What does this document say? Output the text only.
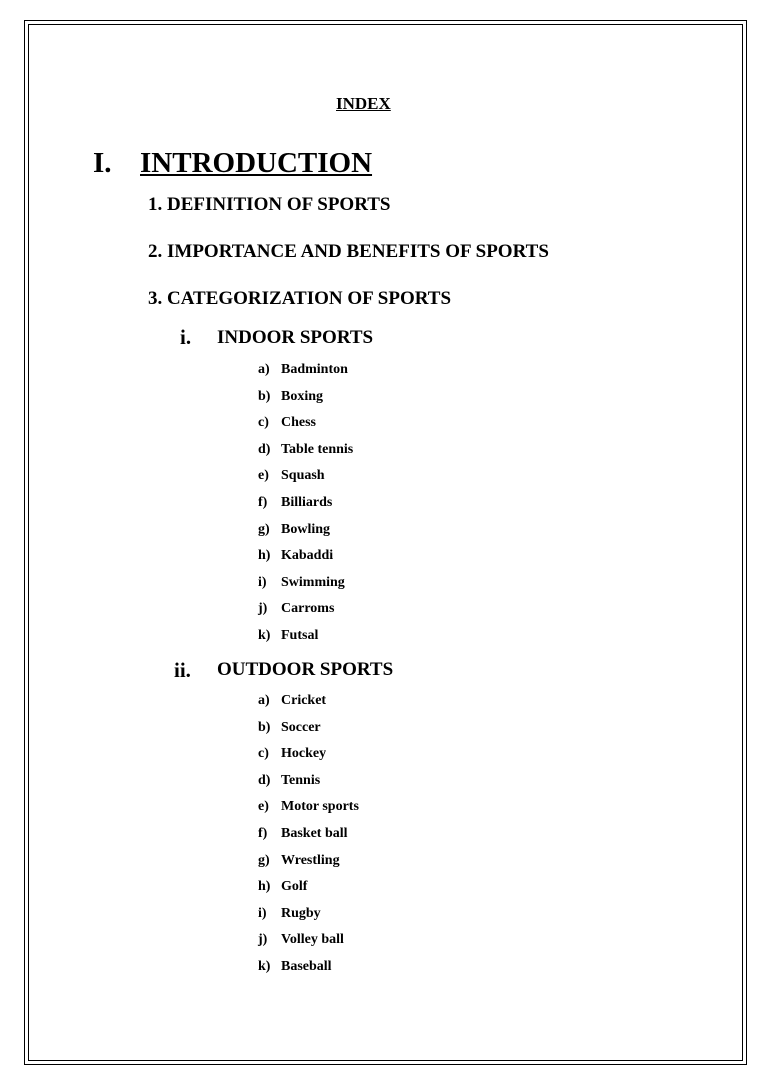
INDEX
I. INTRODUCTION
1. DEFINITION OF SPORTS
2. IMPORTANCE AND BENEFITS OF SPORTS
3. CATEGORIZATION OF SPORTS
i. INDOOR SPORTS
a) Badminton
b) Boxing
c) Chess
d) Table tennis
e) Squash
f) Billiards
g) Bowling
h) Kabaddi
i) Swimming
j) Carroms
k) Futsal
ii. OUTDOOR SPORTS
a) Cricket
b) Soccer
c) Hockey
d) Tennis
e) Motor sports
f) Basket ball
g) Wrestling
h) Golf
i) Rugby
j) Volley ball
k) Baseball
